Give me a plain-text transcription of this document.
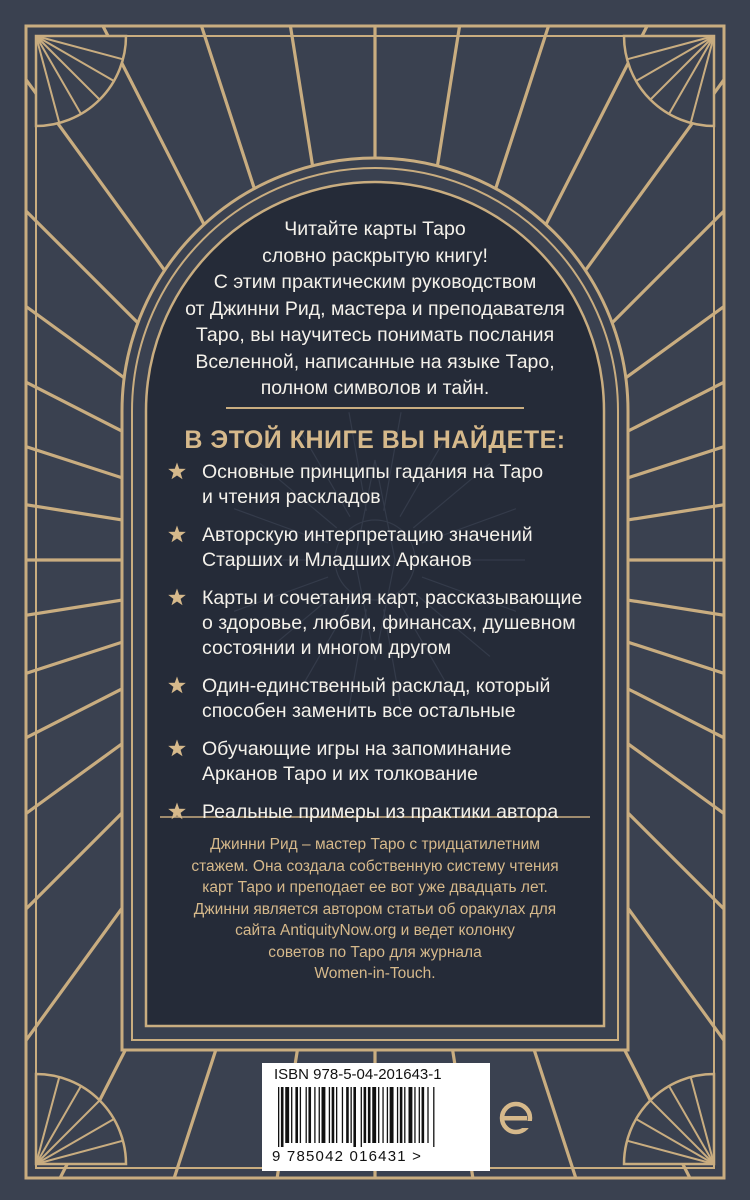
Читайте карты Таро
словно раскрытую книгу!
С этим практическим руководством
от Джинни Рид, мастера и преподавателя
Таро, вы научитесь понимать послания
Вселенной, написанные на языке Таро,
полном символов и тайн.
В ЭТОЙ КНИГЕ ВЫ НАЙДЕТЕ:
Основные принципы гадания на Таро
и чтения раскладов
Авторскую интерпретацию значений
Старших и Младших Арканов
Карты и сочетания карт, рассказывающие
о здоровье, любви, финансах, душевном
состоянии и многом другом
Один-единственный расклад, который
способен заменить все остальные
Обучающие игры на запоминание
Арканов Таро и их толкование
Реальные примеры из практики автора
Джинни Рид – мастер Таро с тридцатилетним
стажем. Она создала собственную систему чтения
карт Таро и преподает ее вот уже двадцать лет.
Джинни является автором статьи об оракулах для
сайта AntiquityNow.org и ведет колонку
советов по Таро для журнала
Women-in-Touch.
ISBN 978-5-04-201643-1
9 785042 016431 >
